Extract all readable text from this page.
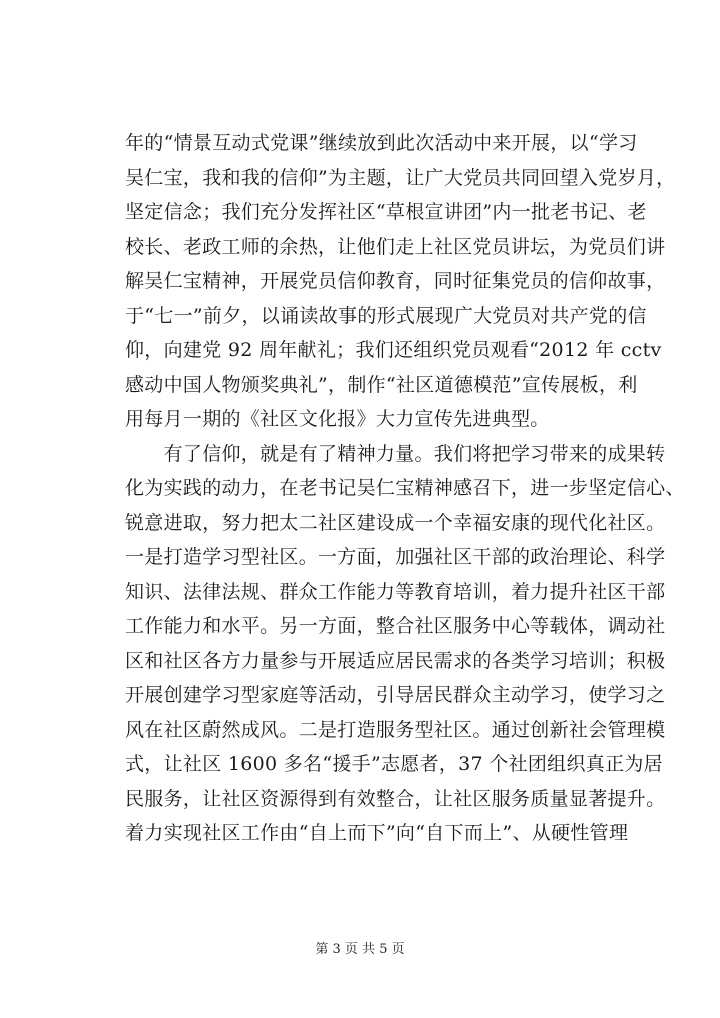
年的“情景互动式党课”继续放到此次活动中来开展，以“学习
吴仁宝，我和我的信仰”为主题，让广大党员共同回望入党岁月，
坚定信念；我们充分发挥社区“草根宣讲团”内一批老书记、老
校长、老政工师的余热，让他们走上社区党员讲坛，为党员们讲
解吴仁宝精神，开展党员信仰教育，同时征集党员的信仰故事，
于“七一”前夕，以诵读故事的形式展现广大党员对共产党的信
仰，向建党 92 周年献礼；我们还组织党员观看“2012 年 cctv
感动中国人物颁奖典礼”，制作“社区道德模范”宣传展板，利
用每月一期的《社区文化报》大力宣传先进典型。
　　有了信仰，就是有了精神力量。我们将把学习带来的成果转
化为实践的动力，在老书记吴仁宝精神感召下，进一步坚定信心、
锐意进取，努力把太二社区建设成一个幸福安康的现代化社区。
一是打造学习型社区。一方面，加强社区干部的政治理论、科学
知识、法律法规、群众工作能力等教育培训，着力提升社区干部
工作能力和水平。另一方面，整合社区服务中心等载体，调动社
区和社区各方力量参与开展适应居民需求的各类学习培训；积极
开展创建学习型家庭等活动，引导居民群众主动学习，使学习之
风在社区蔚然成风。二是打造服务型社区。通过创新社会管理模
式，让社区 1600 多名“援手”志愿者，37 个社团组织真正为居
民服务，让社区资源得到有效整合，让社区服务质量显著提升。
着力实现社区工作由“自上而下”向“自下而上”、从硬性管理
第 3 页 共 5 页
